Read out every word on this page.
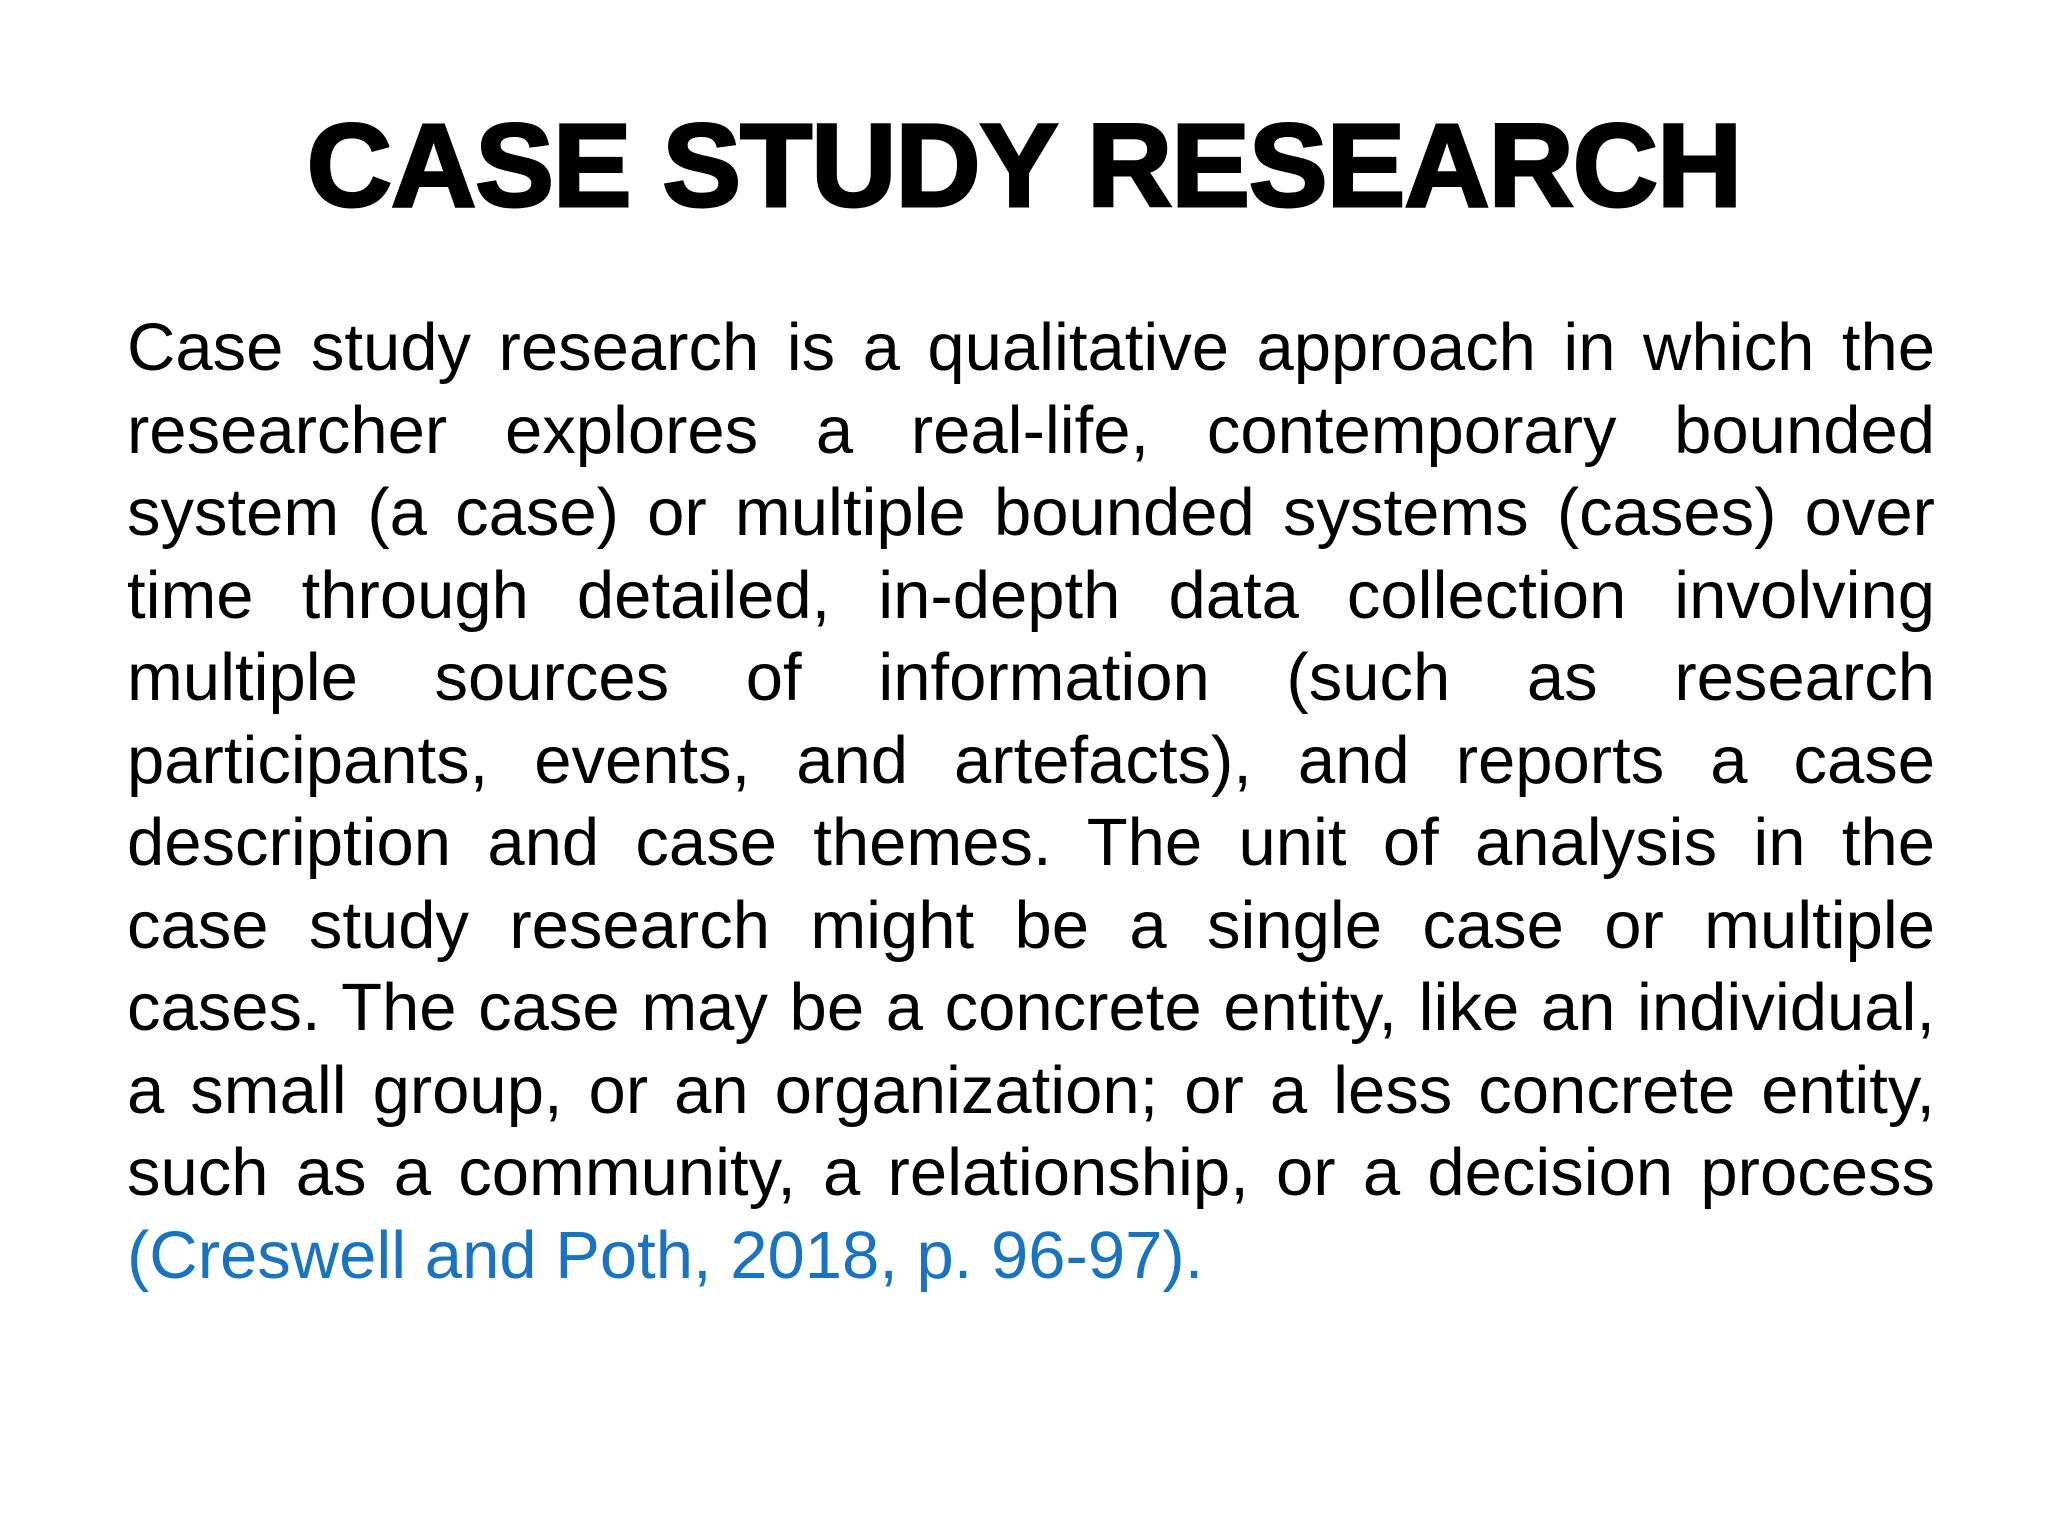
CASE STUDY RESEARCH

Case study research is a qualitative approach in which the researcher explores a real-life, contemporary bounded system (a case) or multiple bounded systems (cases) over time through detailed, in-depth data collection involving multiple sources of information (such as research participants, events, and artefacts), and reports a case description and case themes. The unit of analysis in the case study research might be a single case or multiple cases. The case may be a concrete entity, like an individual, a small group, or an organization; or a less concrete entity, such as a community, a relationship, or a decision process (Creswell and Poth, 2018, p. 96-97).
